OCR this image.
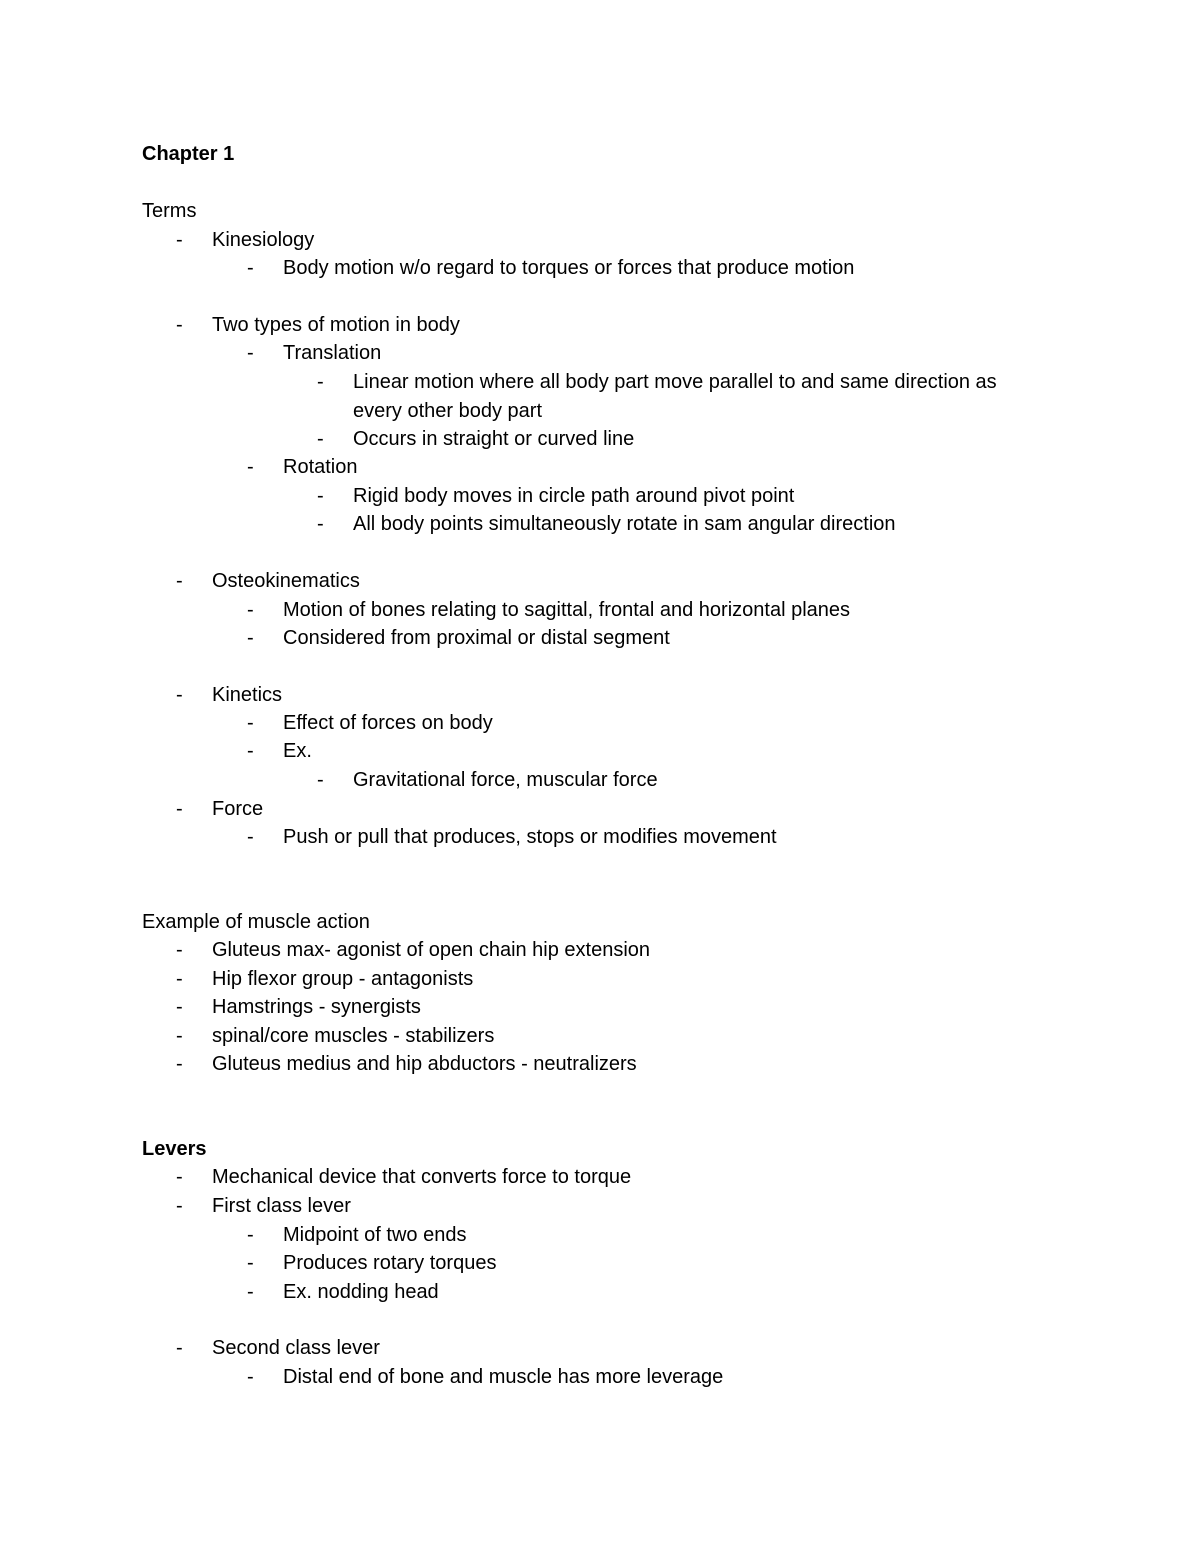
Chapter 1
Terms
-
Kinesiology
-
Body motion w/o regard to torques or forces that produce motion
-
Two types of motion in body
-
Translation
-
Linear motion where all body part move parallel to and same direction as
every other body part
-
Occurs in straight or curved line
-
Rotation
-
Rigid body moves in circle path around pivot point
-
All body points simultaneously rotate in sam angular direction
-
Osteokinematics
-
Motion of bones relating to sagittal, frontal and horizontal planes
-
Considered from proximal or distal segment
-
Kinetics
-
Effect of forces on body
-
Ex.
-
Gravitational force, muscular force
-
Force
-
Push or pull that produces, stops or modifies movement
Example of muscle action
-
Gluteus max- agonist of open chain hip extension
-
Hip flexor group - antagonists
-
Hamstrings - synergists
-
spinal/core muscles - stabilizers
-
Gluteus medius and hip abductors - neutralizers
Levers
-
Mechanical device that converts force to torque
-
First class lever
-
Midpoint of two ends
-
Produces rotary torques
-
Ex. nodding head
-
Second class lever
-
Distal end of bone and muscle has more leverage
